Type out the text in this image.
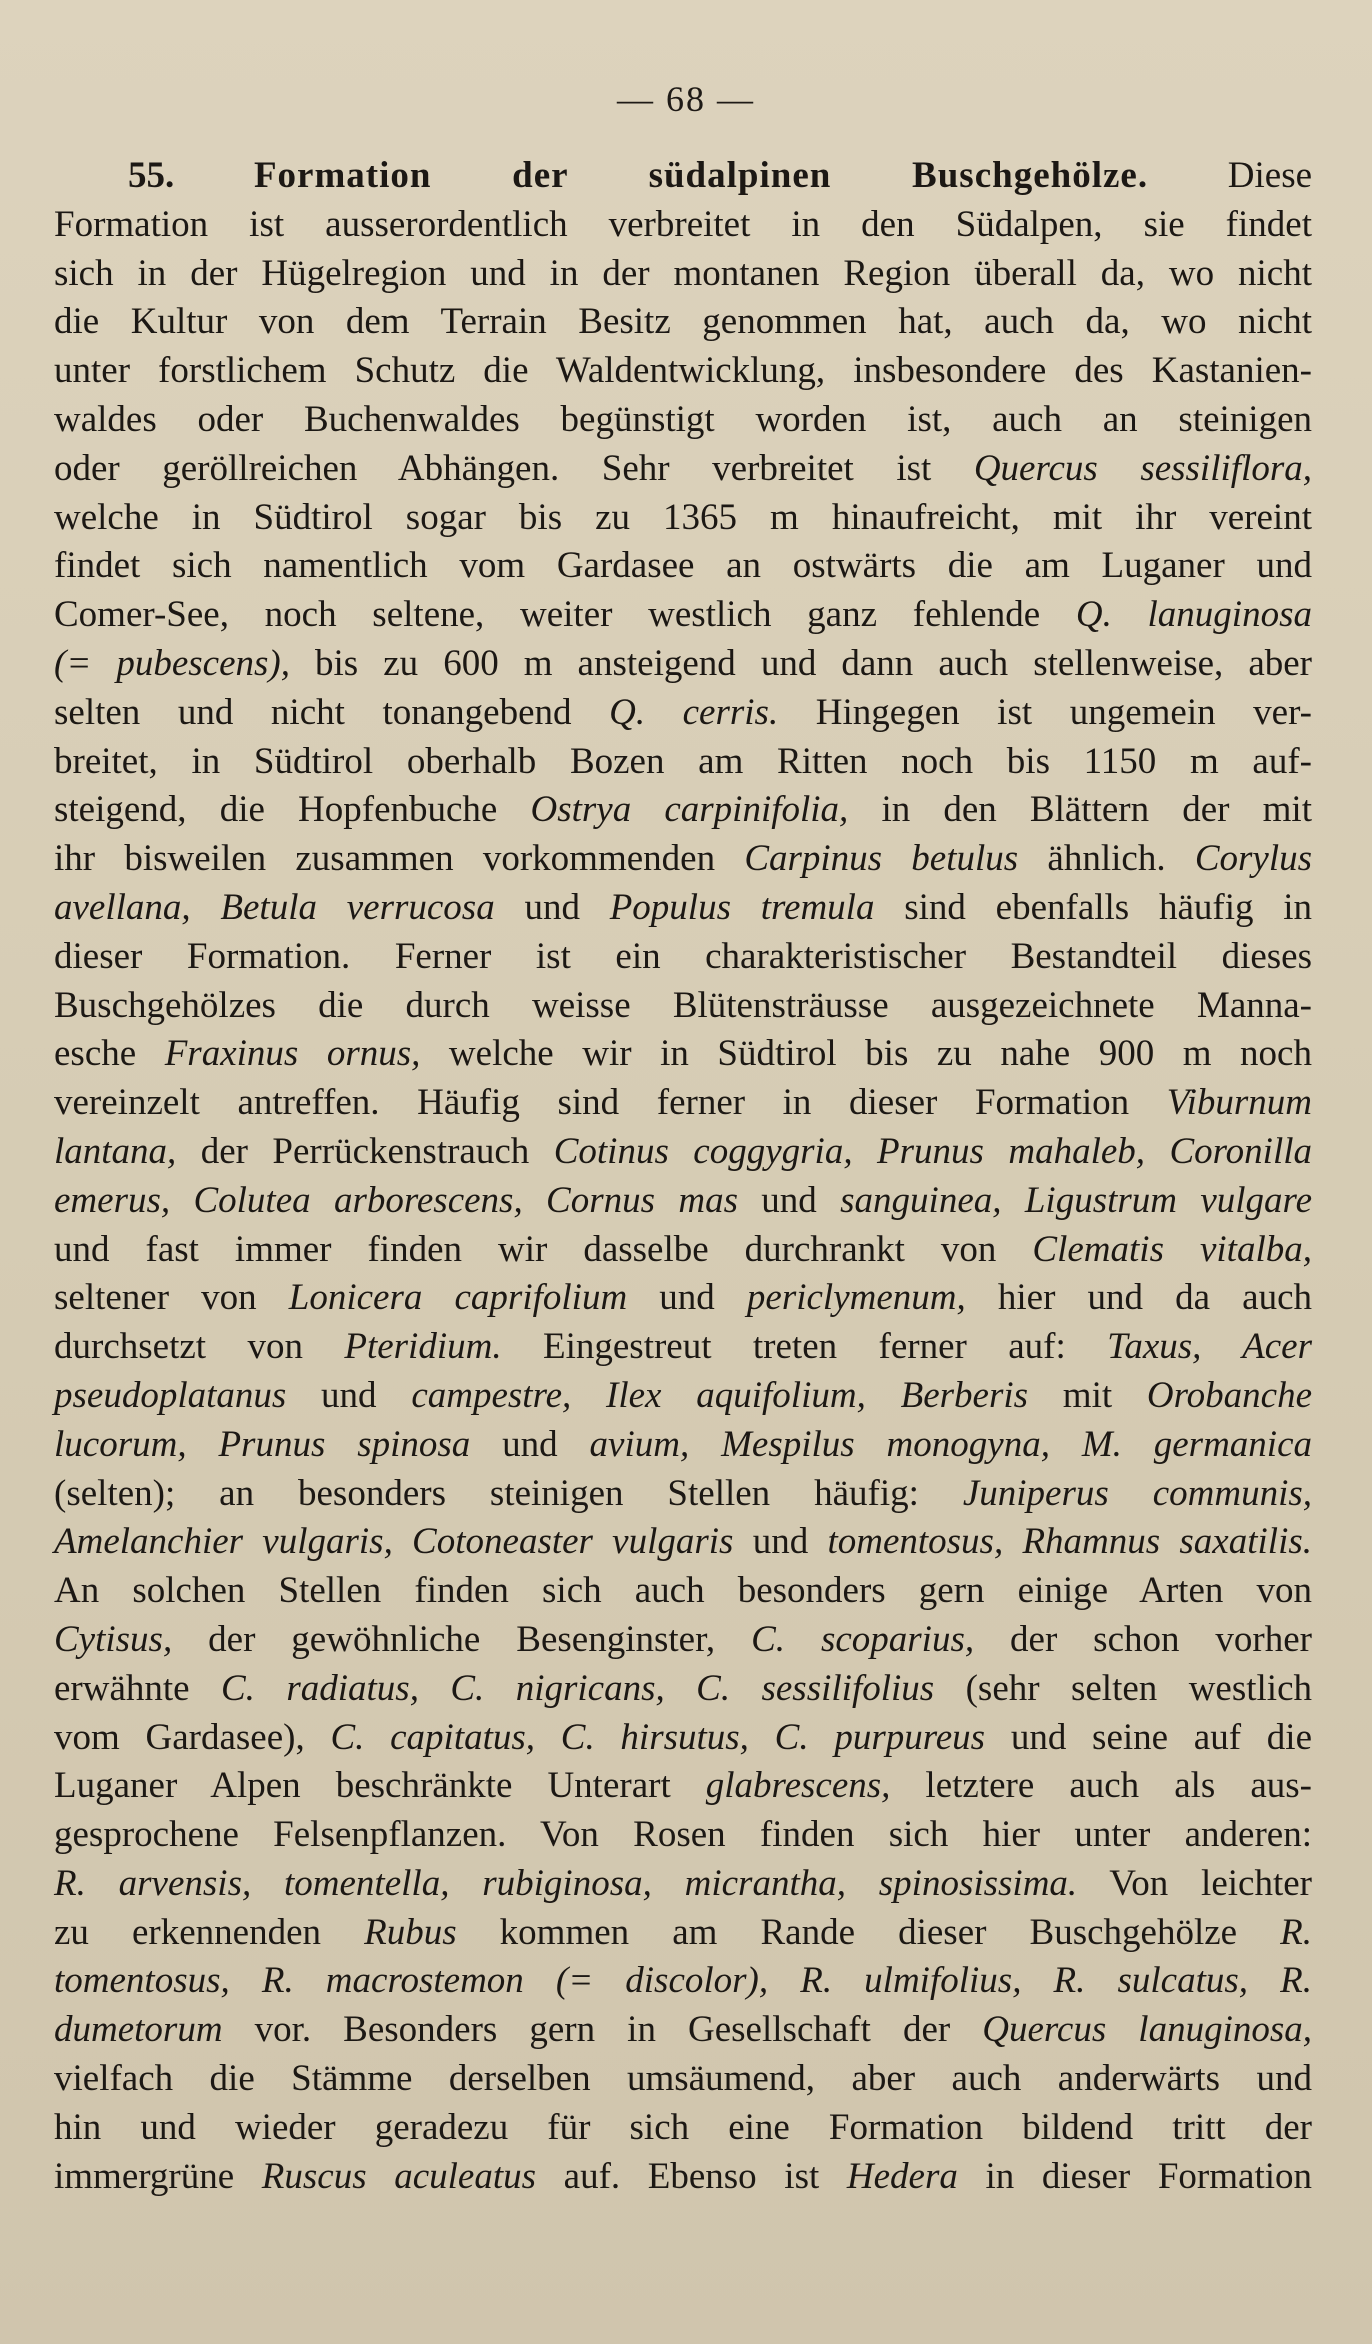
— 68 —
55. Formation der südalpinen Buschgehölze. Diese
Formation ist ausserordentlich verbreitet in den Südalpen, sie findet
sich in der Hügelregion und in der montanen Region überall da, wo nicht
die Kultur von dem Terrain Besitz genommen hat, auch da, wo nicht
unter forstlichem Schutz die Waldentwicklung, insbesondere des Kastanien-
waldes oder Buchenwaldes begünstigt worden ist, auch an steinigen
oder geröllreichen Abhängen. Sehr verbreitet ist Quercus sessiliflora,
welche in Südtirol sogar bis zu 1365 m hinaufreicht, mit ihr vereint
findet sich namentlich vom Gardasee an ostwärts die am Luganer und
Comer-See, noch seltene, weiter westlich ganz fehlende Q. lanuginosa
(= pubescens), bis zu 600 m ansteigend und dann auch stellenweise, aber
selten und nicht tonangebend Q. cerris. Hingegen ist ungemein ver-
breitet, in Südtirol oberhalb Bozen am Ritten noch bis 1150 m auf-
steigend, die Hopfenbuche Ostrya carpinifolia, in den Blättern der mit
ihr bisweilen zusammen vorkommenden Carpinus betulus ähnlich. Corylus
avellana, Betula verrucosa und Populus tremula sind ebenfalls häufig in
dieser Formation. Ferner ist ein charakteristischer Bestandteil dieses
Buschgehölzes die durch weisse Blütensträusse ausgezeichnete Manna-
esche Fraxinus ornus, welche wir in Südtirol bis zu nahe 900 m noch
vereinzelt antreffen. Häufig sind ferner in dieser Formation Viburnum
lantana, der Perrückenstrauch Cotinus coggygria, Prunus mahaleb, Coronilla
emerus, Colutea arborescens, Cornus mas und sanguinea, Ligustrum vulgare
und fast immer finden wir dasselbe durchrankt von Clematis vitalba,
seltener von Lonicera caprifolium und periclymenum, hier und da auch
durchsetzt von Pteridium. Eingestreut treten ferner auf: Taxus, Acer
pseudoplatanus und campestre, Ilex aquifolium, Berberis mit Orobanche
lucorum, Prunus spinosa und avium, Mespilus monogyna, M. germanica
(selten); an besonders steinigen Stellen häufig: Juniperus communis,
Amelanchier vulgaris, Cotoneaster vulgaris und tomentosus, Rhamnus saxatilis.
An solchen Stellen finden sich auch besonders gern einige Arten von
Cytisus, der gewöhnliche Besenginster, C. scoparius, der schon vorher
erwähnte C. radiatus, C. nigricans, C. sessilifolius (sehr selten westlich
vom Gardasee), C. capitatus, C. hirsutus, C. purpureus und seine auf die
Luganer Alpen beschränkte Unterart glabrescens, letztere auch als aus-
gesprochene Felsenpflanzen. Von Rosen finden sich hier unter anderen:
R. arvensis, tomentella, rubiginosa, micrantha, spinosissima. Von leichter
zu erkennenden Rubus kommen am Rande dieser Buschgehölze R.
tomentosus, R. macrostemon (= discolor), R. ulmifolius, R. sulcatus, R.
dumetorum vor. Besonders gern in Gesellschaft der Quercus lanuginosa,
vielfach die Stämme derselben umsäumend, aber auch anderwärts und
hin und wieder geradezu für sich eine Formation bildend tritt der
immergrüne Ruscus aculeatus auf. Ebenso ist Hedera in dieser Formation
